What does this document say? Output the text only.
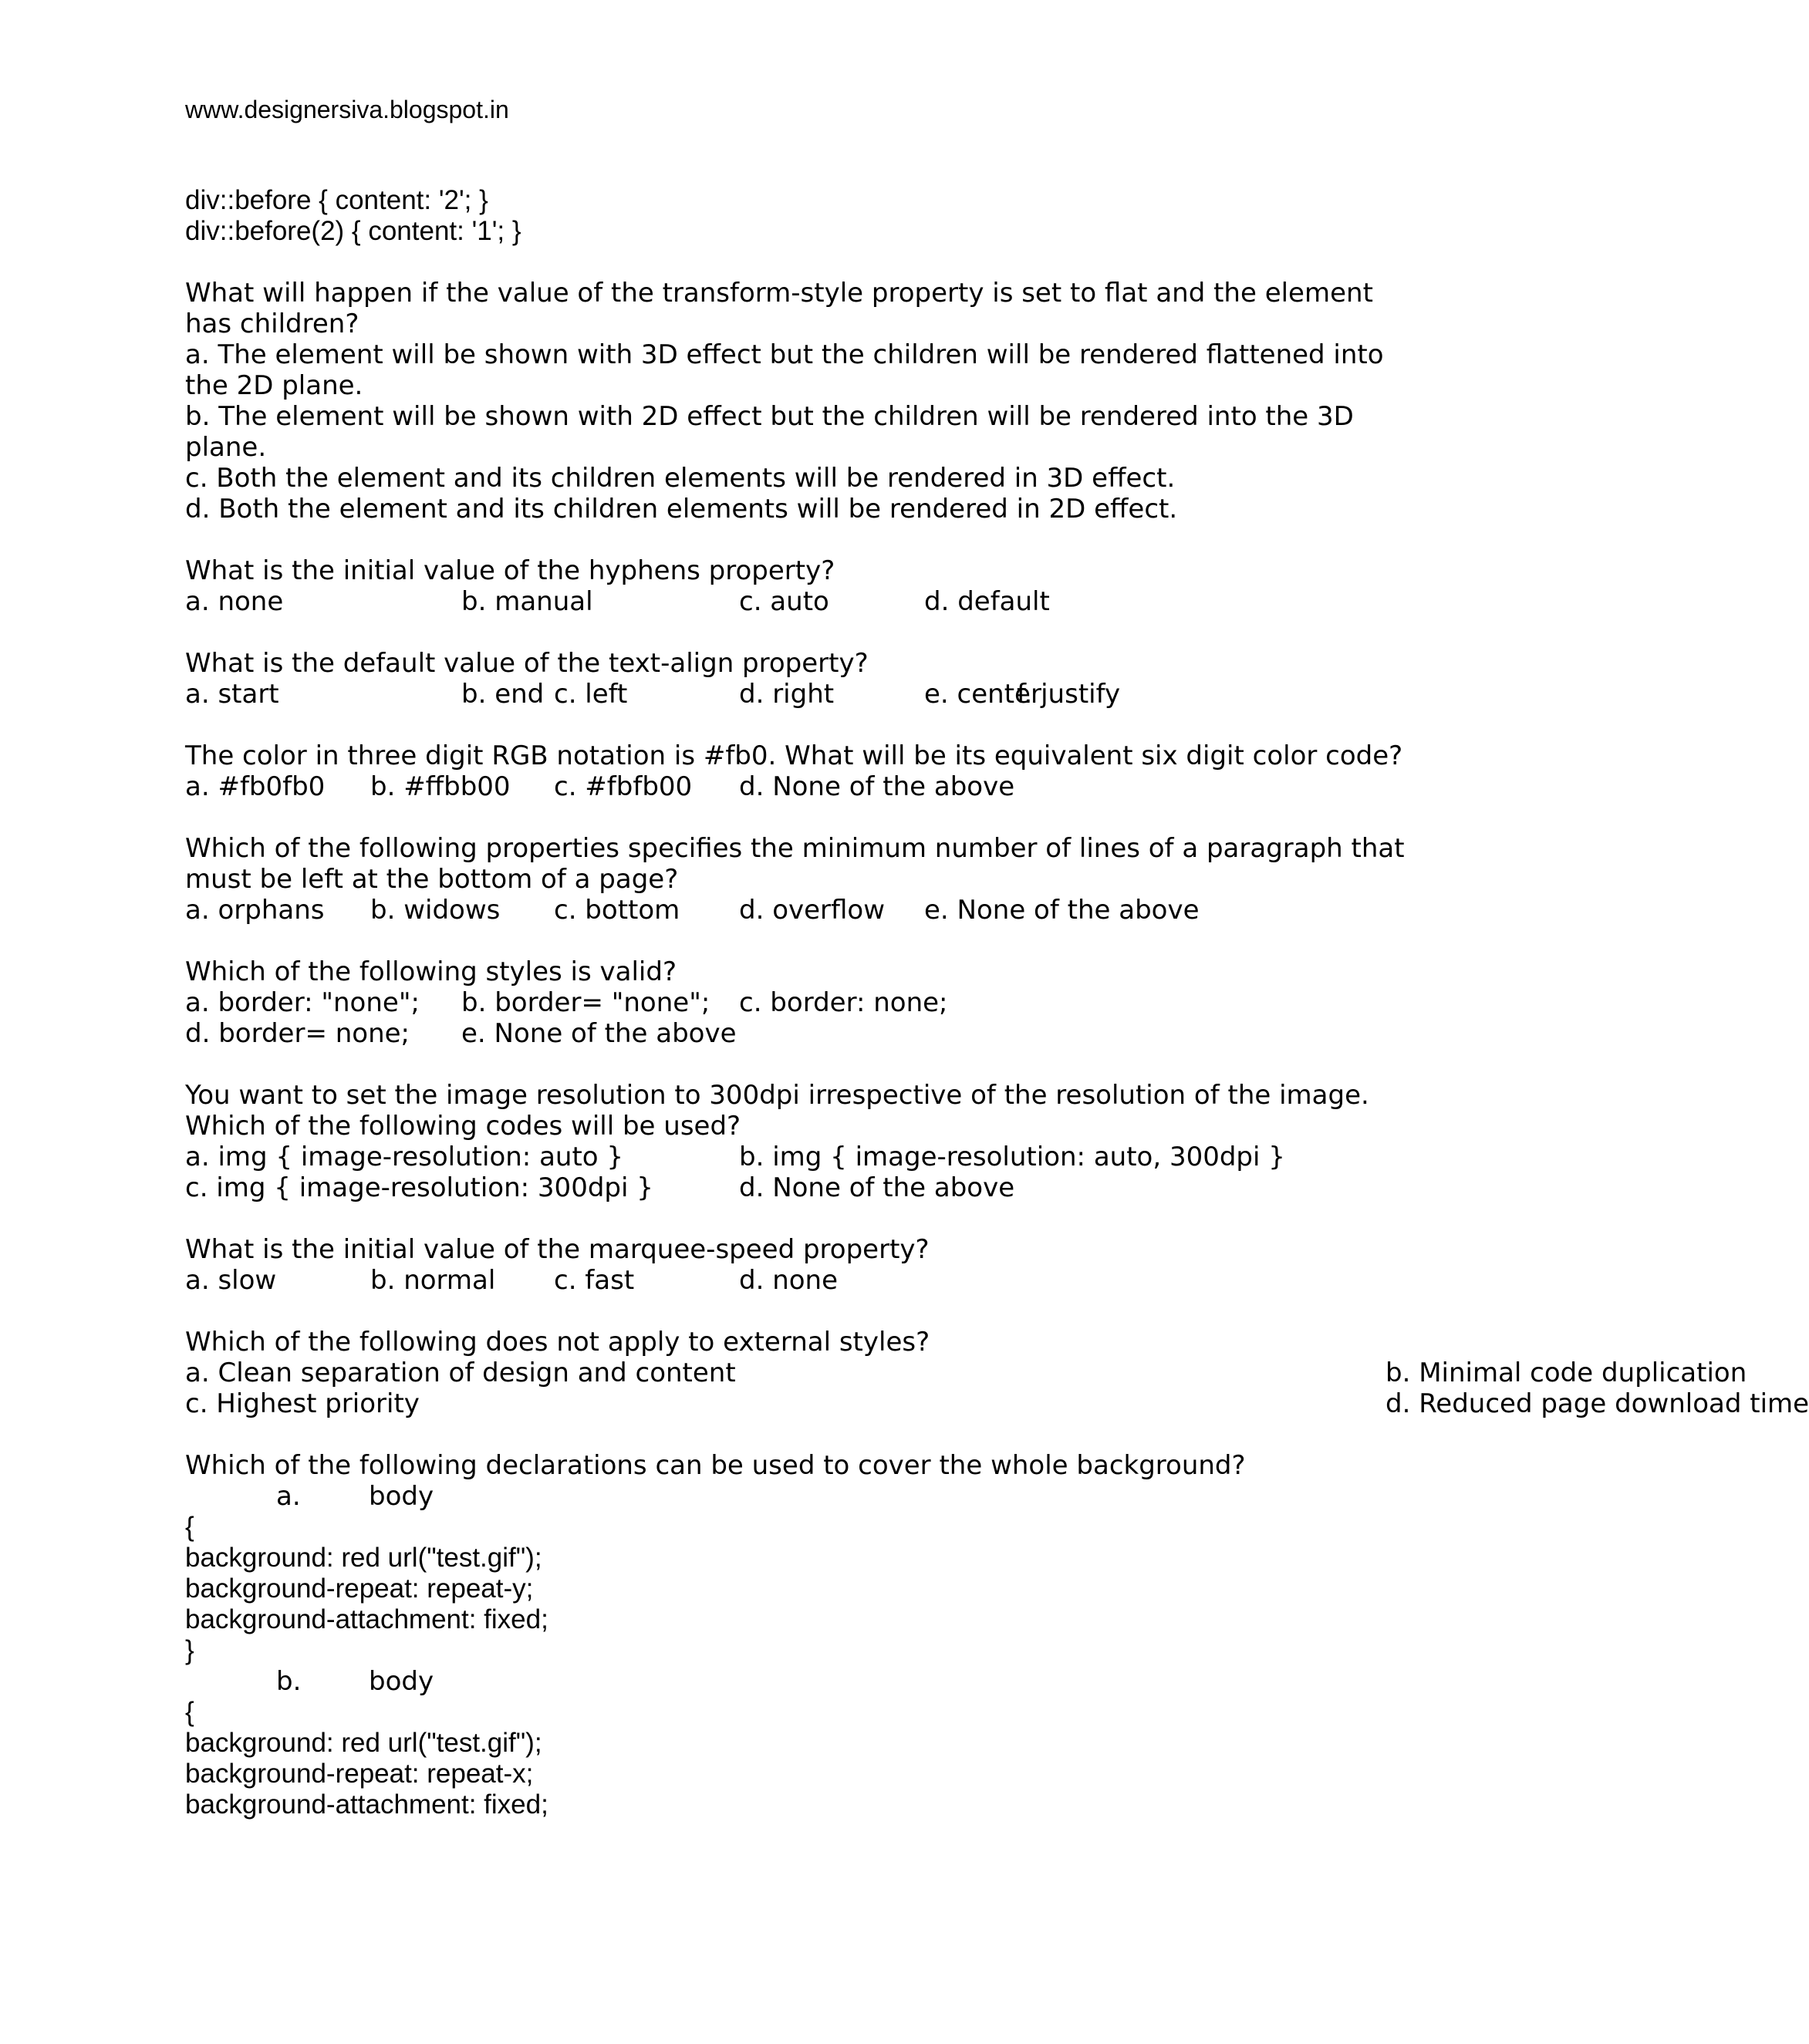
www.designersiva.blogspot.in
div::before { content: '2'; }
div::before(2) { content: '1'; }
What will happen if the value of the transform-style property is set to flat and the element
has children?
a. The element will be shown with 3D effect but the children will be rendered flattened into
the 2D plane.
b. The element will be shown with 2D effect but the children will be rendered into the 3D
plane.
c. Both the element and its children elements will be rendered in 3D effect.
d. Both the element and its children elements will be rendered in 2D effect.
What is the initial value of the hyphens property?
a. none	b. manual	c. auto	d. default
What is the default value of the text-align property?
a. start	b. end c. left	d. right	e. center
f. justify
The color in three digit RGB notation is #fb0. What will be its equivalent six digit color code?
a. #fb0fb0 b. #ffbb00 c. #fbfb00 d. None of the above
Which of the following properties specifies the minimum number of lines of a paragraph that
must be left at the bottom of a page?
a. orphans b. widows c. bottom d. overflow e. None of the above
Which of the following styles is valid?
a. border: "none"; b. border= "none"; c. border: none;
d. border= none; e. None of the above
You want to set the image resolution to 300dpi irrespective of the resolution of the image.
Which of the following codes will be used?
a. img { image-resolution: auto }	b. img { image-resolution: auto, 300dpi }
c. img { image-resolution: 300dpi }	d. None of the above
What is the initial value of the marquee-speed property?
a. slow	b. normal c. fast	d. none
Which of the following does not apply to external styles?
a. Clean separation of design and content	b. Minimal code duplication
c. Highest priority	d. Reduced page download time
Which of the following declarations can be used to cover the whole background?
a.	body
{
background: red url("test.gif");
background-repeat: repeat-y;
background-attachment: fixed;
}
b.	body
{
background: red url("test.gif");
background-repeat: repeat-x;
background-attachment: fixed;
